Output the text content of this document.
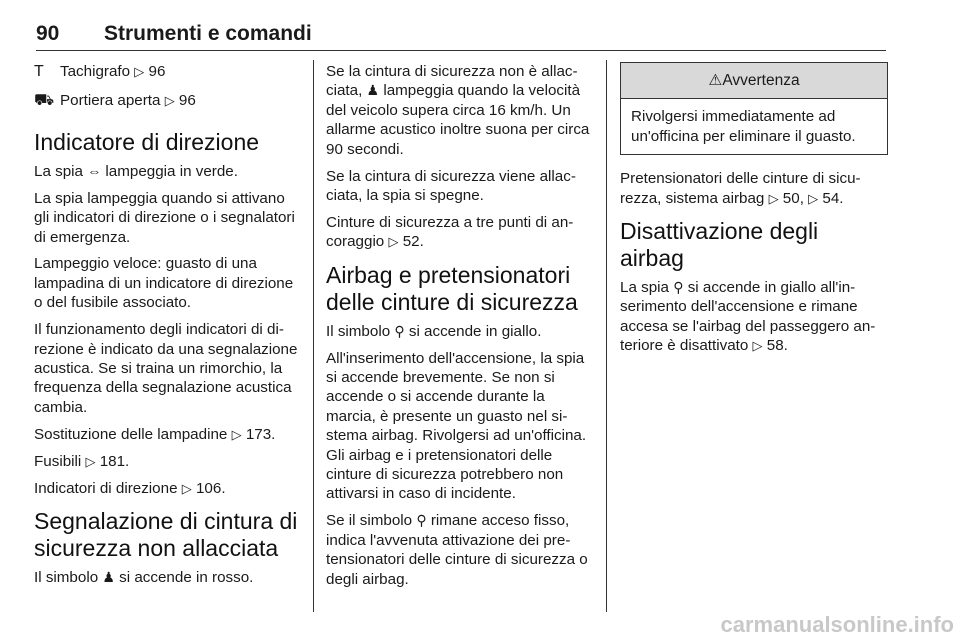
90 Strumenti e comandi
T	Tachigrafo ▷ 96
⛟ Portiera aperta ▷ 96
Indicatore di direzione

La spia ⇔ lampeggia in verde.

La spia lampeggia quando si attivano gli indicatori di direzione o i segnalatori di emergenza.

Lampeggio veloce: guasto di una lampadina di un indicatore di direzione o del fusibile associato.

Il funzionamento degli indicatori di direzione è indicato da una segnalazione acustica. Se si traina un rimorchio, la frequenza della segnalazione acustica cambia.

Sostituzione delle lampadine ▷ 173.

Fusibili ▷ 181.

Indicatori di direzione ▷ 106.

Segnalazione di cintura di sicurezza non allacciata

Il simbolo ♟ si accende in rosso.

Se la cintura di sicurezza non è allacciata, ♟ lampeggia quando la velocità del veicolo supera circa 16 km/h. Un allarme acustico inoltre suona per circa 90 secondi.

Se la cintura di sicurezza viene allacciata, la spia si spegne.

Cinture di sicurezza a tre punti di ancoraggio ▷ 52.

Airbag e pretensionatori delle cinture di sicurezza

Il simbolo ⚲ si accende in giallo.

All'inserimento dell'accensione, la spia si accende brevemente. Se non si accende o si accende durante la marcia, è presente un guasto nel sistema airbag. Rivolgersi ad un'officina. Gli airbag e i pretensionatori delle cinture di sicurezza potrebbero non attivarsi in caso di incidente.

Se il simbolo ⚲ rimane acceso fisso, indica l'avvenuta attivazione dei pretensionatori delle cinture di sicurezza o degli airbag.

⚠Avvertenza
Rivolgersi immediatamente ad un'officina per eliminare il guasto.

Pretensionatori delle cinture di sicurezza, sistema airbag ▷ 50, ▷ 54.

Disattivazione degli airbag

La spia ⚲ si accende in giallo all'inserimento dell'accensione e rimane accesa se l'airbag del passeggero anteriore è disattivato ▷ 58.

carmanualsonline.info
